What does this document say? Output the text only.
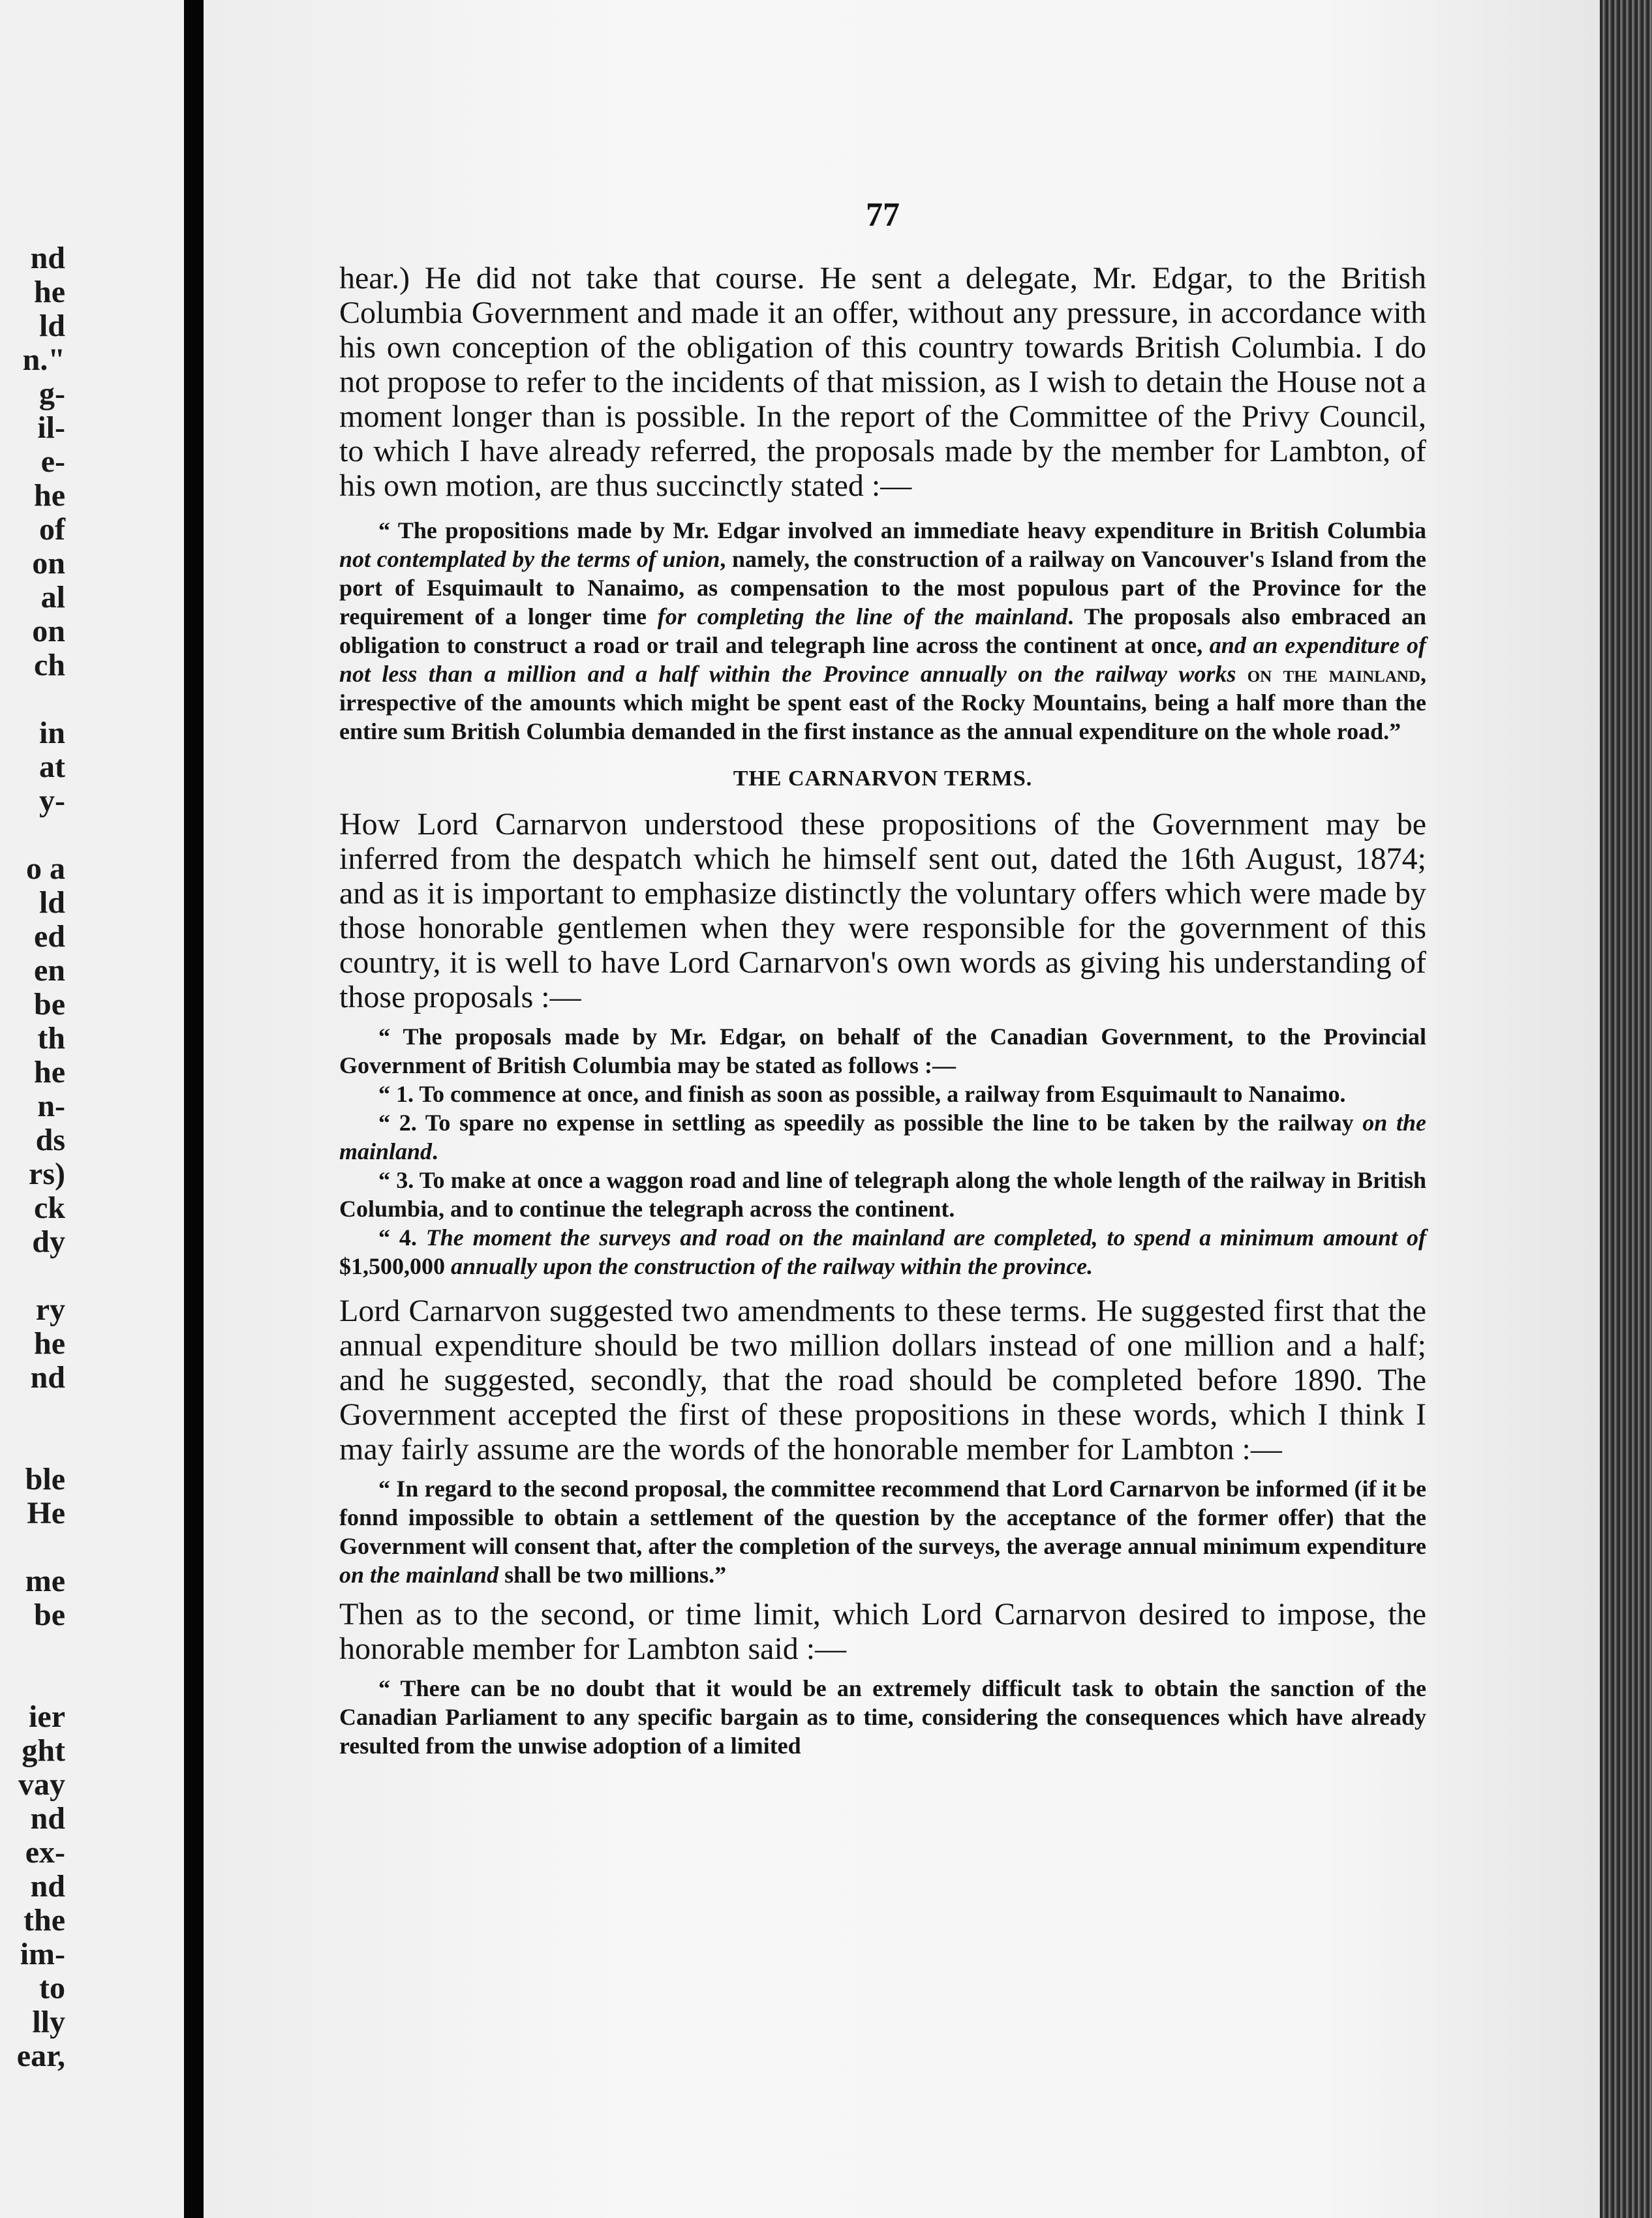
nd
he
ld
n."
g-
il-
e-
he
of
on
al
on
ch
in
at
y-
o a
ld
ed
en
be
th
he
n-
ds
rs)
ck
dy
ry
he
nd
ble
He
me
be
ier
ght
vay
nd
ex-
nd
the
im-
to
lly
ear,
77

hear.) He did not take that course. He sent a delegate, Mr. Edgar, to the British Columbia Government and made it an offer, without any pressure, in accordance with his own conception of the obligation of this country towards British Columbia. I do not propose to refer to the incidents of that mission, as I wish to detain the House not a moment longer than is possible. In the report of the Committee of the Privy Council, to which I have already referred, the proposals made by the member for Lambton, of his own motion, are thus succinctly stated :—

“ The propositions made by Mr. Edgar involved an immediate heavy expenditure in British Columbia not contemplated by the terms of union, namely, the construction of a railway on Vancouver's Island from the port of Esquimault to Nanaimo, as compensation to the most populous part of the Province for the requirement of a longer time for completing the line of the mainland. The proposals also embraced an obligation to construct a road or trail and telegraph line across the continent at once, and an expenditure of not less than a million and a half within the Province annually on the railway works on the mainland, irrespective of the amounts which might be spent east of the Rocky Mountains, being a half more than the entire sum British Columbia demanded in the first instance as the annual expenditure on the whole road.”

THE CARNARVON TERMS.

How Lord Carnarvon understood these propositions of the Government may be inferred from the despatch which he himself sent out, dated the 16th August, 1874; and as it is important to emphasize distinctly the voluntary offers which were made by those honorable gentlemen when they were responsible for the government of this country, it is well to have Lord Carnarvon's own words as giving his understanding of those proposals :—

“ The proposals made by Mr. Edgar, on behalf of the Canadian Government, to the Provincial Government of British Columbia may be stated as follows :—

“ 1. To commence at once, and finish as soon as possible, a railway from Esquimault to Nanaimo.

“ 2. To spare no expense in settling as speedily as possible the line to be taken by the railway on the mainland.

“ 3. To make at once a waggon road and line of telegraph along the whole length of the railway in British Columbia, and to continue the telegraph across the continent.

“ 4. The moment the surveys and road on the mainland are completed, to spend a minimum amount of $1,500,000 annually upon the construction of the railway within the province.

Lord Carnarvon suggested two amendments to these terms. He suggested first that the annual expenditure should be two million dollars instead of one million and a half; and he suggested, secondly, that the road should be completed before 1890. The Government accepted the first of these propositions in these words, which I think I may fairly assume are the words of the honorable member for Lambton :—

“ In regard to the second proposal, the committee recommend that Lord Carnarvon be informed (if it be fonnd impossible to obtain a settlement of the question by the acceptance of the former offer) that the Government will consent that, after the completion of the surveys, the average annual minimum expenditure on the mainland shall be two millions.”

Then as to the second, or time limit, which Lord Carnarvon desired to impose, the honorable member for Lambton said :—

“ There can be no doubt that it would be an extremely difficult task to obtain the sanction of the Canadian Parliament to any specific bargain as to time, considering the consequences which have already resulted from the unwise adoption of a limited
